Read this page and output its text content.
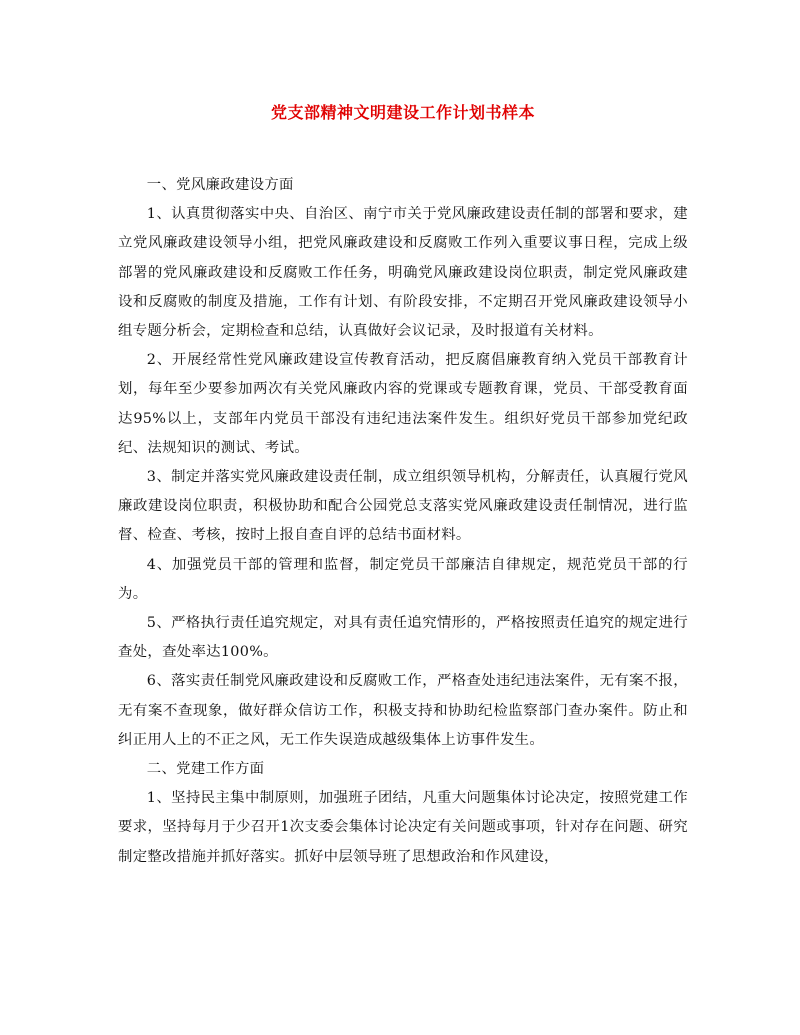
党支部精神文明建设工作计划书样本

一、党风廉政建设方面

1、认真贯彻落实中央、自治区、南宁市关于党风廉政建设责任制的部署和要求，建立党风廉政建设领导小组，把党风廉政建设和反腐败工作列入重要议事日程，完成上级部署的党风廉政建设和反腐败工作任务，明确党风廉政建设岗位职责，制定党风廉政建设和反腐败的制度及措施，工作有计划、有阶段安排，不定期召开党风廉政建设领导小组专题分析会，定期检查和总结，认真做好会议记录，及时报道有关材料。

2、开展经常性党风廉政建设宣传教育活动，把反腐倡廉教育纳入党员干部教育计划，每年至少要参加两次有关党风廉政内容的党课或专题教育课，党员、干部受教育面达95%以上，支部年内党员干部没有违纪违法案件发生。组织好党员干部参加党纪政纪、法规知识的测试、考试。

3、制定并落实党风廉政建设责任制，成立组织领导机构，分解责任，认真履行党风廉政建设岗位职责，积极协助和配合公园党总支落实党风廉政建设责任制情况，进行监督、检查、考核，按时上报自查自评的总结书面材料。

4、加强党员干部的管理和监督，制定党员干部廉洁自律规定，规范党员干部的行为。

5、严格执行责任追究规定，对具有责任追究情形的，严格按照责任追究的规定进行查处，查处率达100%。

6、落实责任制党风廉政建设和反腐败工作，严格查处违纪违法案件，无有案不报，无有案不查现象，做好群众信访工作，积极支持和协助纪检监察部门查办案件。防止和纠正用人上的不正之风，无工作失误造成越级集体上访事件发生。

二、党建工作方面

1、坚持民主集中制原则，加强班子团结，凡重大问题集体讨论决定，按照党建工作要求，坚持每月于少召开1次支委会集体讨论决定有关问题或事项，针对存在问题、研究制定整改措施并抓好落实。抓好中层领导班了思想政治和作风建设，
